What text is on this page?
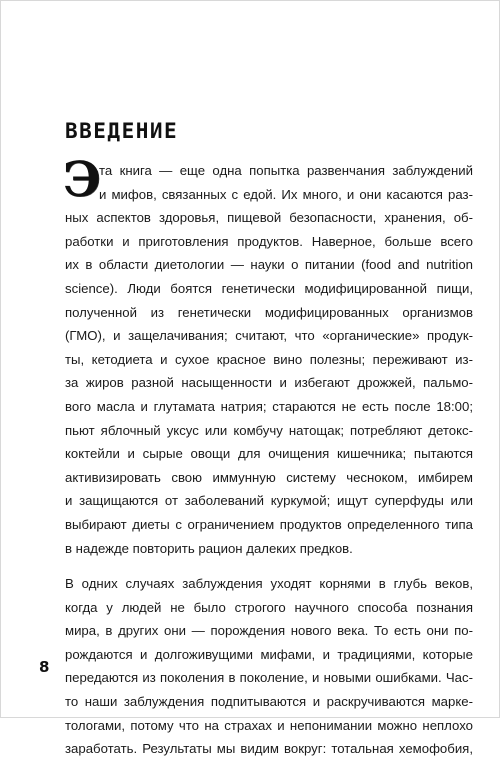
ВВЕДЕНИЕ
Э
та книга — еще одна попытка развенчания заблуждений
и мифов, связанных с едой. Их много, и они касаются раз-
ных аспектов здоровья, пищевой безопасности, хранения, об-
работки и приготовления продуктов. Наверное, больше всего
их в области диетологии — науки о питании (food and nutrition
science). Люди боятся генетически модифицированной пищи,
полученной из генетически модифицированных организмов
(ГМО), и защелачивания; считают, что «органические» продук-
ты, кетодиета и сухое красное вино полезны; переживают из-
за жиров разной насыщенности и избегают дрожжей, пальмо-
вого масла и глутамата натрия; стараются не есть после 18:00;
пьют яблочный уксус или комбучу натощак; потребляют детокс-
коктейли и сырые овощи для очищения кишечника; пытаются
активизировать свою иммунную систему чесноком, имбирем
и защищаются от заболеваний куркумой; ищут суперфуды или
выбирают диеты с ограничением продуктов определенного типа
в надежде повторить рацион далеких предков.
В одних случаях заблуждения уходят корнями в глубь веков,
когда у людей не было строгого научного способа познания
мира, в других они — порождения нового века. То есть они по-
рождаются и долгоживущими мифами, и традициями, которые
передаются из поколения в поколение, и новыми ошибками. Час-
то наши заблуждения подпитываются и раскручиваются марке-
тологами, потому что на страхах и непонимании можно неплохо
заработать. Результаты мы видим вокруг: тотальная хемофобия,
8
